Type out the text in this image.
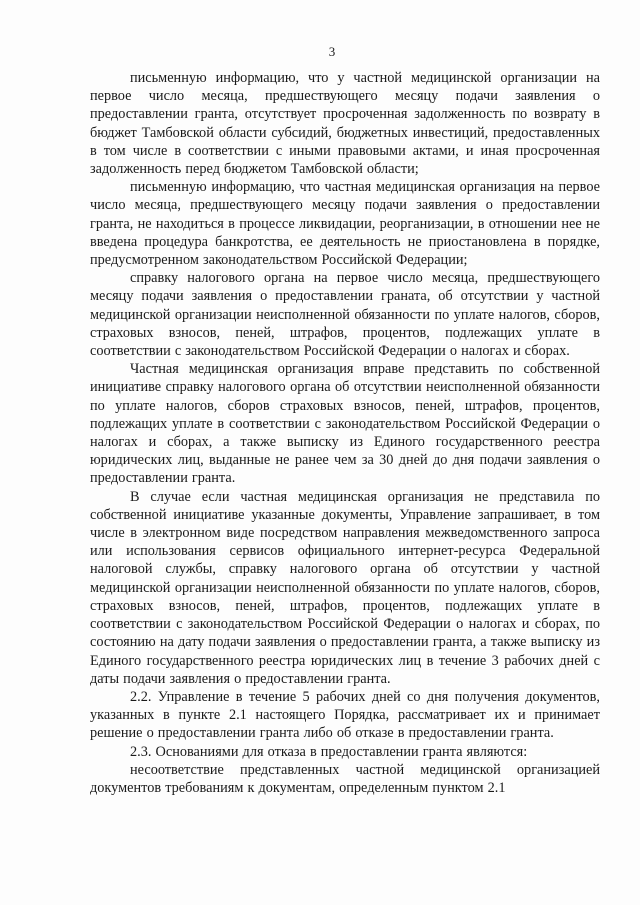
3

письменную информацию, что у частной медицинской организации на первое число месяца, предшествующего месяцу подачи заявления о предоставлении гранта, отсутствует просроченная задолженность по возврату в бюджет Тамбовской области субсидий, бюджетных инвестиций, предоставленных в том числе в соответствии с иными правовыми актами, и иная просроченная задолженность перед бюджетом Тамбовской области;

письменную информацию, что частная медицинская организация на первое число месяца, предшествующего месяцу подачи заявления о предоставлении гранта, не находиться в процессе ликвидации, реорганизации, в отношении нее не введена процедура банкротства, ее деятельность не приостановлена в порядке, предусмотренном законодательством Российской Федерации;

справку налогового органа на первое число месяца, предшествующего месяцу подачи заявления о предоставлении граната, об отсутствии у частной медицинской организации неисполненной обязанности по уплате налогов, сборов, страховых взносов, пеней, штрафов, процентов, подлежащих уплате в соответствии с законодательством Российской Федерации о налогах и сборах.

Частная медицинская организация вправе представить по собственной инициативе справку налогового органа об отсутствии неисполненной обязанности по уплате налогов, сборов страховых взносов, пеней, штрафов, процентов, подлежащих уплате в соответствии с законодательством Российской Федерации о налогах и сборах, а также выписку из Единого государственного реестра юридических лиц, выданные не ранее чем за 30 дней до дня подачи заявления о предоставлении гранта.

В случае если частная медицинская организация не представила по собственной инициативе указанные документы, Управление запрашивает, в том числе в электронном виде посредством направления межведомственного запроса или использования сервисов официального интернет-ресурса Федеральной налоговой службы, справку налогового органа об отсутствии у частной медицинской организации неисполненной обязанности по уплате налогов, сборов, страховых взносов, пеней, штрафов, процентов, подлежащих уплате в соответствии с законодательством Российской Федерации о налогах и сборах, по состоянию на дату подачи заявления о предоставлении гранта, а также выписку из Единого государственного реестра юридических лиц в течение 3 рабочих дней с даты подачи заявления о предоставлении гранта.

2.2. Управление в течение 5 рабочих дней со дня получения документов, указанных в пункте 2.1 настоящего Порядка, рассматривает их и принимает решение о предоставлении гранта либо об отказе в предоставлении гранта.

2.3. Основаниями для отказа в предоставлении гранта являются:

несоответствие представленных частной медицинской организацией документов требованиям к документам, определенным пунктом 2.1
